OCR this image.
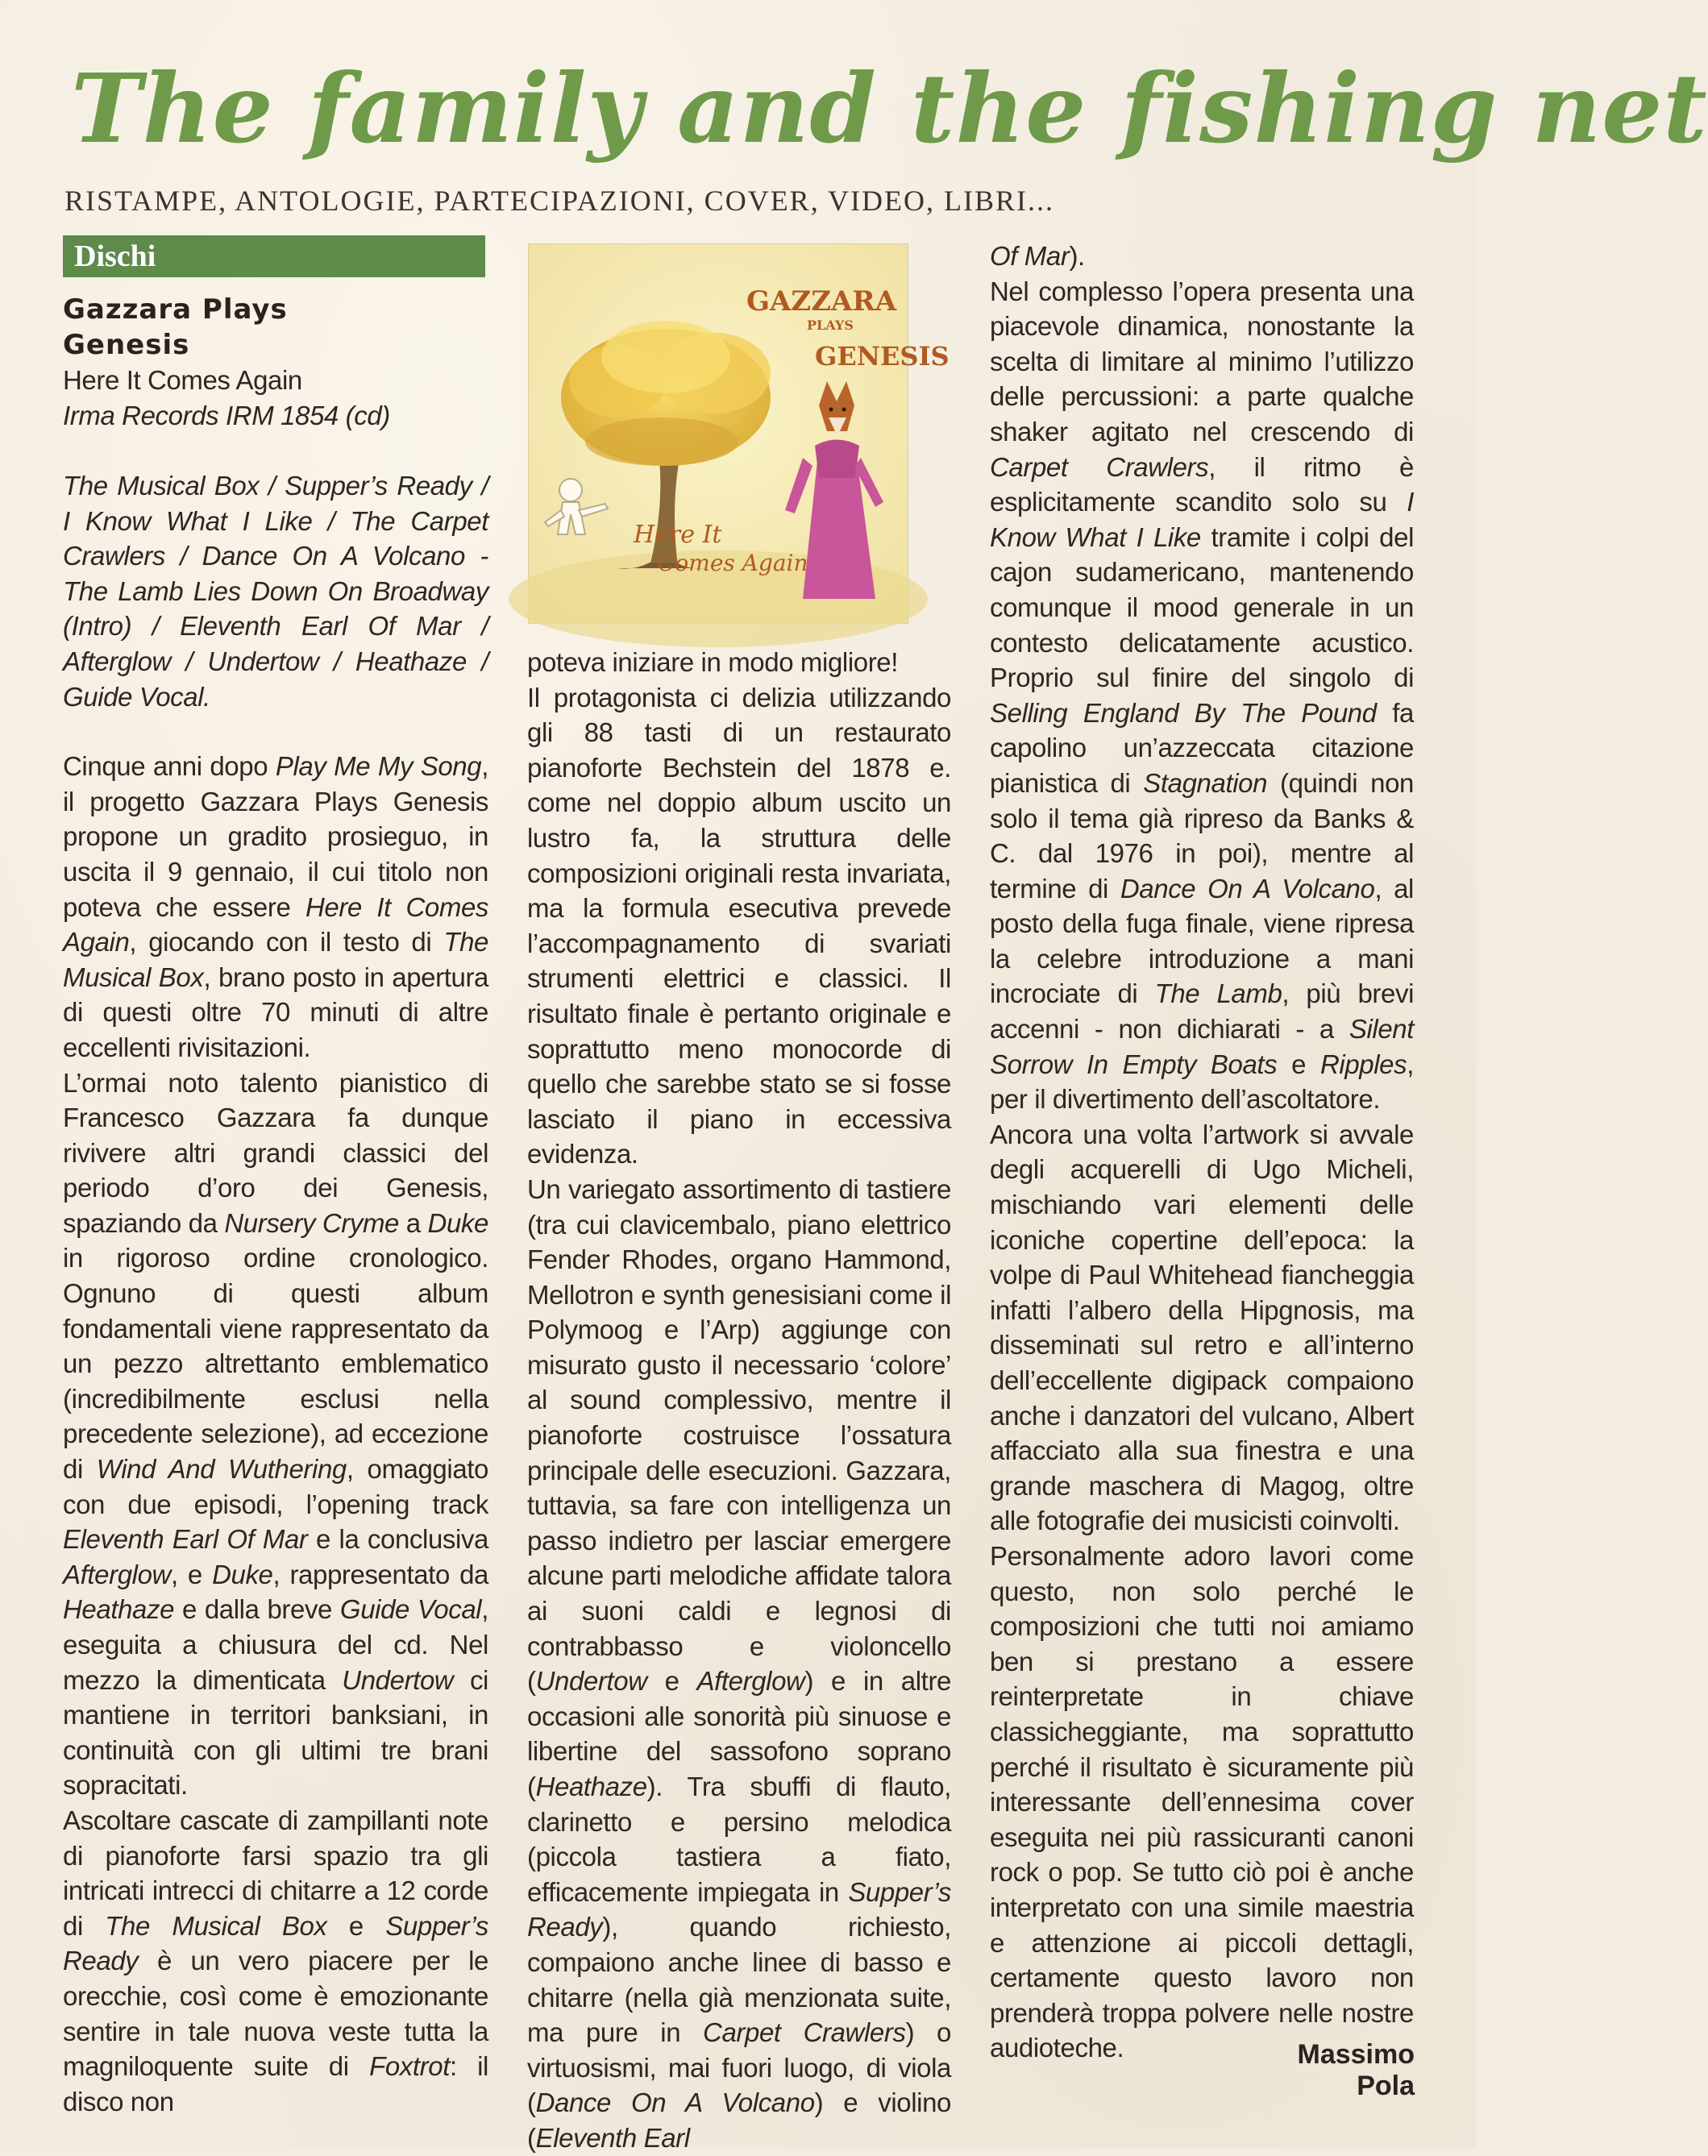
The family and the fishing net
RISTAMPE, ANTOLOGIE, PARTECIPAZIONI, COVER, VIDEO, LIBRI...
Dischi
GAZZARA
PLAYS
GENESIS
Here It
Comes Again
Gazzara Plays
Genesis
Here It Comes Again
Irma Records IRM 1854 (cd)

The Musical Box / Supper’s Ready / I Know What I Like / The Carpet Crawlers / Dance On A Volcano - The Lamb Lies Down On Broadway (Intro) / Eleventh Earl Of Mar / Afterglow / Undertow / Heathaze / Guide Vocal.

Cinque anni dopo Play Me My Song, il progetto Gazzara Plays Genesis propone un gradito prosieguo, in uscita il 9 gennaio, il cui titolo non poteva che essere Here It Comes Again, giocando con il testo di The Musical Box, brano posto in apertura di questi oltre 70 minuti di altre eccellenti rivisitazioni.

L’ormai noto talento pianistico di Francesco Gazzara fa dunque rivivere altri grandi classici del periodo d’oro dei Genesis, spaziando da Nursery Cryme a Duke in rigoroso ordine cronologico. Ognuno di questi album fondamentali viene rappresentato da un pezzo altrettanto emblematico (incredibilmente esclusi nella precedente selezione), ad eccezione di Wind And Wuthering, omaggiato con due episodi, l’opening track Eleventh Earl Of Mar e la conclusiva Afterglow, e Duke, rappresentato da Heathaze e dalla breve Guide Vocal, eseguita a chiusura del cd. Nel mezzo la dimenticata Undertow ci mantiene in territori banksiani, in continuità con gli ultimi tre brani sopracitati.

Ascoltare cascate di zampillanti note di pianoforte farsi spazio tra gli intricati intrecci di chitarre a 12 corde di The Musical Box e Supper’s Ready è un vero piacere per le orecchie, così come è emozionante sentire in tale nuova veste tutta la magniloquente suite di Foxtrot: il disco non

poteva iniziare in modo migliore!

Il protagonista ci delizia utilizzando gli 88 tasti di un restaurato pianoforte Bechstein del 1878 e. come nel doppio album uscito un lustro fa, la struttura delle composizioni originali resta invariata, ma la formula esecutiva prevede l’accompagnamento di svariati strumenti elettrici e classici. Il risultato finale è pertanto originale e soprattutto meno monocorde di quello che sarebbe stato se si fosse lasciato il piano in eccessiva evidenza.

Un variegato assortimento di tastiere (tra cui clavicembalo, piano elettrico Fender Rhodes, organo Hammond, Mellotron e synth genesisiani come il Polymoog e l’Arp) aggiunge con misurato gusto il necessario ‘colore’ al sound complessivo, mentre il pianoforte costruisce l’ossatura principale delle esecuzioni. Gazzara, tuttavia, sa fare con intelligenza un passo indietro per lasciar emergere alcune parti melodiche affidate talora ai suoni caldi e legnosi di contrabbasso e violoncello (Undertow e Afterglow) e in altre occasioni alle sonorità più sinuose e libertine del sassofono soprano (Heathaze). Tra sbuffi di flauto, clarinetto e persino melodica (piccola tastiera a fiato, efficacemente impiegata in Supper’s Ready), quando richiesto, compaiono anche linee di basso e chitarre (nella già menzionata suite, ma pure in Carpet Crawlers) o virtuosismi, mai fuori luogo, di viola (Dance On A Volcano) e violino (Eleventh Earl

Of Mar).

Nel complesso l’opera presenta una piacevole dinamica, nonostante la scelta di limitare al minimo l’utilizzo delle percussioni: a parte qualche shaker agitato nel crescendo di Carpet Crawlers, il ritmo è esplicitamente scandito solo su I Know What I Like tramite i colpi del cajon sudamericano, mantenendo comunque il mood generale in un contesto delicatamente acustico. Proprio sul finire del singolo di Selling England By The Pound fa capolino un’azzeccata citazione pianistica di Stagnation (quindi non solo il tema già ripreso da Banks & C. dal 1976 in poi), mentre al termine di Dance On A Volcano, al posto della fuga finale, viene ripresa la celebre introduzione a mani incrociate di The Lamb, più brevi accenni - non dichiarati - a Silent Sorrow In Empty Boats e Ripples, per il divertimento dell’ascoltatore.

Ancora una volta l’artwork si avvale degli acquerelli di Ugo Micheli, mischiando vari elementi delle iconiche copertine dell’epoca: la volpe di Paul Whitehead fiancheggia infatti l’albero della Hipgnosis, ma disseminati sul retro e all’interno dell’eccellente digipack compaiono anche i danzatori del vulcano, Albert affacciato alla sua finestra e una grande maschera di Magog, oltre alle fotografie dei musicisti coinvolti.

Personalmente adoro lavori come questo, non solo perché le composizioni che tutti noi amiamo ben si prestano a essere reinterpretate in chiave classicheggiante, ma soprattutto perché il risultato è sicuramente più interessante dell’ennesima cover eseguita nei più rassicuranti canoni rock o pop. Se tutto ciò poi è anche interpretato con una simile maestria e attenzione ai piccoli dettagli, certamente questo lavoro non prenderà troppa polvere nelle nostre audioteche.	Massimo Pola
